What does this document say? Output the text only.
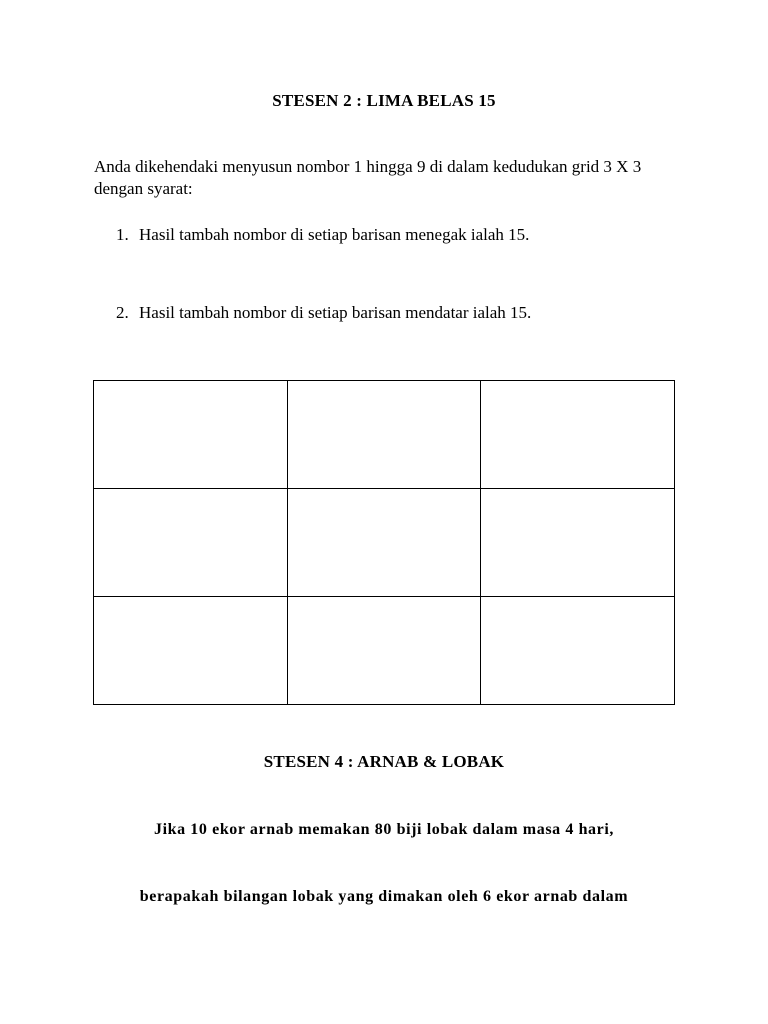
STESEN 2 : LIMA BELAS 15
Anda dikehendaki menyusun nombor 1 hingga 9 di dalam kedudukan grid 3 X 3 dengan syarat:
1. Hasil tambah nombor di setiap barisan menegak ialah 15.
2. Hasil tambah nombor di setiap barisan mendatar ialah 15.

STESEN 4 : ARNAB & LOBAK
Jika 10 ekor arnab memakan 80 biji lobak dalam masa 4 hari,
berapakah bilangan lobak yang dimakan oleh 6 ekor arnab dalam
